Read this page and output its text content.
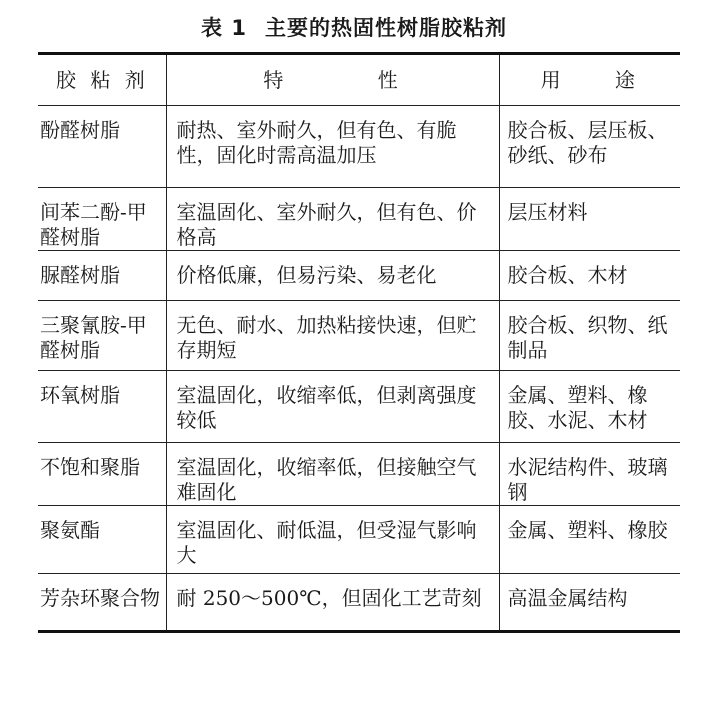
表 1 主要的热固性树脂胶粘剂
胶 粘 剂	特 性	用 途
酚醛树脂	耐热、室外耐久，但有色、有脆性，固化时需高温加压	胶合板、层压板、砂纸、砂布
间苯二酚-甲醛树脂	室温固化、室外耐久，但有色、价格高	层压材料
脲醛树脂	价格低廉，但易污染、易老化	胶合板、木材
三聚氰胺-甲醛树脂	无色、耐水、加热粘接快速，但贮存期短	胶合板、织物、纸制品
环氧树脂	室温固化，收缩率低，但剥离强度较低	金属、塑料、橡胶、水泥、木材
不饱和聚脂	室温固化，收缩率低，但接触空气难固化	水泥结构件、玻璃钢
聚氨酯	室温固化、耐低温，但受湿气影响大	金属、塑料、橡胶
芳杂环聚合物	耐 250～500℃，但固化工艺苛刻	高温金属结构
